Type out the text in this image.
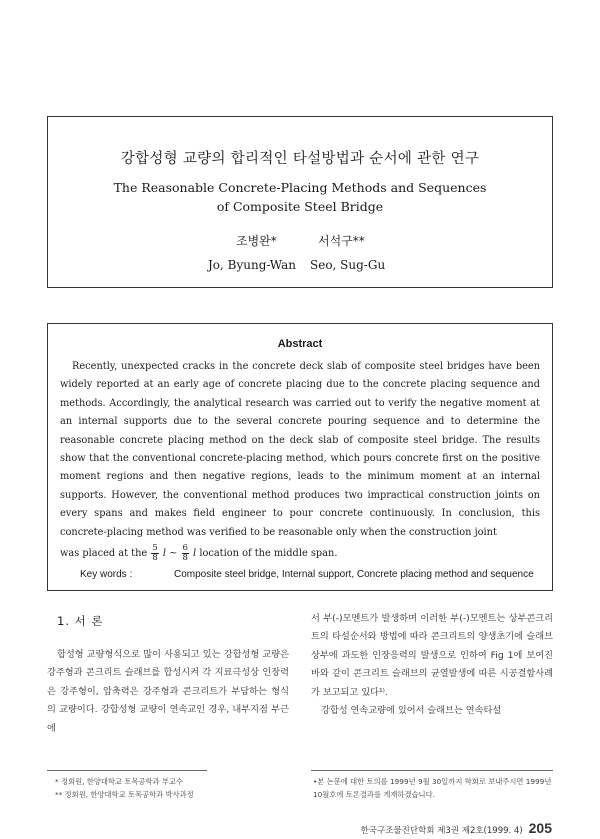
강합성형 교량의 합리적인 타설방법과 순서에 관한 연구
The Reasonable Concrete-Placing Methods and Sequences
of Composite Steel Bridge
조병완*	서석구**
Jo, Byung-Wan Seo, Sug-Gu
Abstract

Recently, unexpected cracks in the concrete deck slab of composite steel bridges have been widely reported at an early age of concrete placing due to the concrete placing sequence and methods. Accordingly, the analytical research was carried out to verify the negative moment at an internal supports due to the several concrete pouring sequence and to determine the reasonable concrete placing method on the deck slab of composite steel bridge. The results show that the conventional concrete-placing method, which pours concrete first on the positive moment regions and then negative regions, leads to the minimum moment at an internal supports. However, the conventional method produces two impractical construction joints on every spans and makes field engineer to pour concrete continuously. In conclusion, this concrete-placing method was verified to be reasonable only when the construction joint

was placed at the $\frac{5}{8}$ l ~ $\frac{6}{8}$ l location of the middle span.
Key words :	Composite steel bridge, Internal support, Concrete placing method and sequence
1. 서 론

합성형 교량형식으로 많이 사용되고 있는 강합성형 교량은 강주형과 콘크리트 슬래브를 합성시켜 각 지료극성상 인장력은 강주형이, 압축력은 강주형과 콘크리트가 부담하는 형식의 교량이다. 강합성형 교량이 연속교인 경우, 내부지점 부근에

서 부(-)모멘트가 발생하며 이러한 부(-)모멘트는 상부콘크리트의 타설순서와 방법에 따라 콘크리트의 양생초기에 슬래브 상부에 과도한 인장응력의 발생으로 인하여 Fig 1에 보여진 바와 같이 콘크리트 슬래브의 균열발생에 따른 시공결함사례가 보고되고 있다¹⁾.

강합성 연속교량에 있어서 슬래브는 연속타설

* 정회원, 한양대학교 토목공학과 부교수
** 정회원, 한양대학교 토목공학과 박사과정
•본 논문에 대한 토의를 1999년 9월 30일까지 학회로 보내주시면 1999년 10월호에 토론결과를 게재하겠습니다.
한국구조물진단학회 제3권 제2호(1999. 4) 205
